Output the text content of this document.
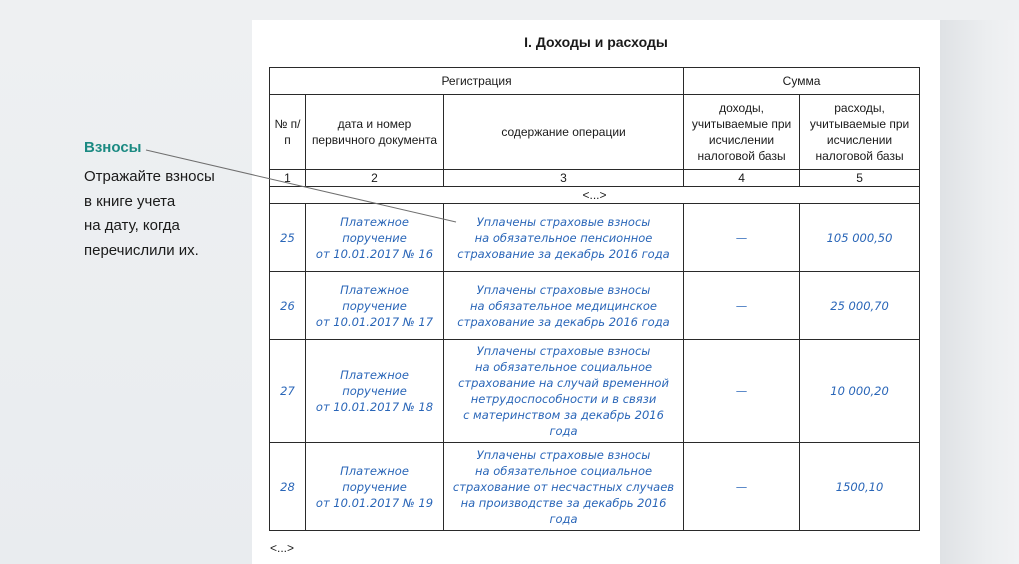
I. Доходы и расходы
Регистрация			Сумма	
№ п/п	дата и номер первичного документа	содержание операции	доходы, учитываемые при исчислении налоговой базы	расходы, учитываемые при исчислении налоговой базы
1	2	3	4	5
<...>				
25	Платежное
поручение
от 10.01.2017 № 16	Уплачены страховые взносы
на обязательное пенсионное
страхование за декабрь 2016 года	—	105 000,50
26	Платежное
поручение
от 10.01.2017 № 17	Уплачены страховые взносы
на обязательное медицинское
страхование за декабрь 2016 года	—	25 000,70
27	Платежное
поручение
от 10.01.2017 № 18	Уплачены страховые взносы
на обязательное социальное
страхование на случай временной
нетрудоспособности и в связи
с материнством за декабрь 2016 года	—	10 000,20
28	Платежное
поручение
от 10.01.2017 № 19	Уплачены страховые взносы
на обязательное социальное
страхование от несчастных случаев
на производстве за декабрь 2016
года	—	1500,10
<...>
Взносы
Отражайте взносы
в книге учета
на дату, когда
перечислили их.
